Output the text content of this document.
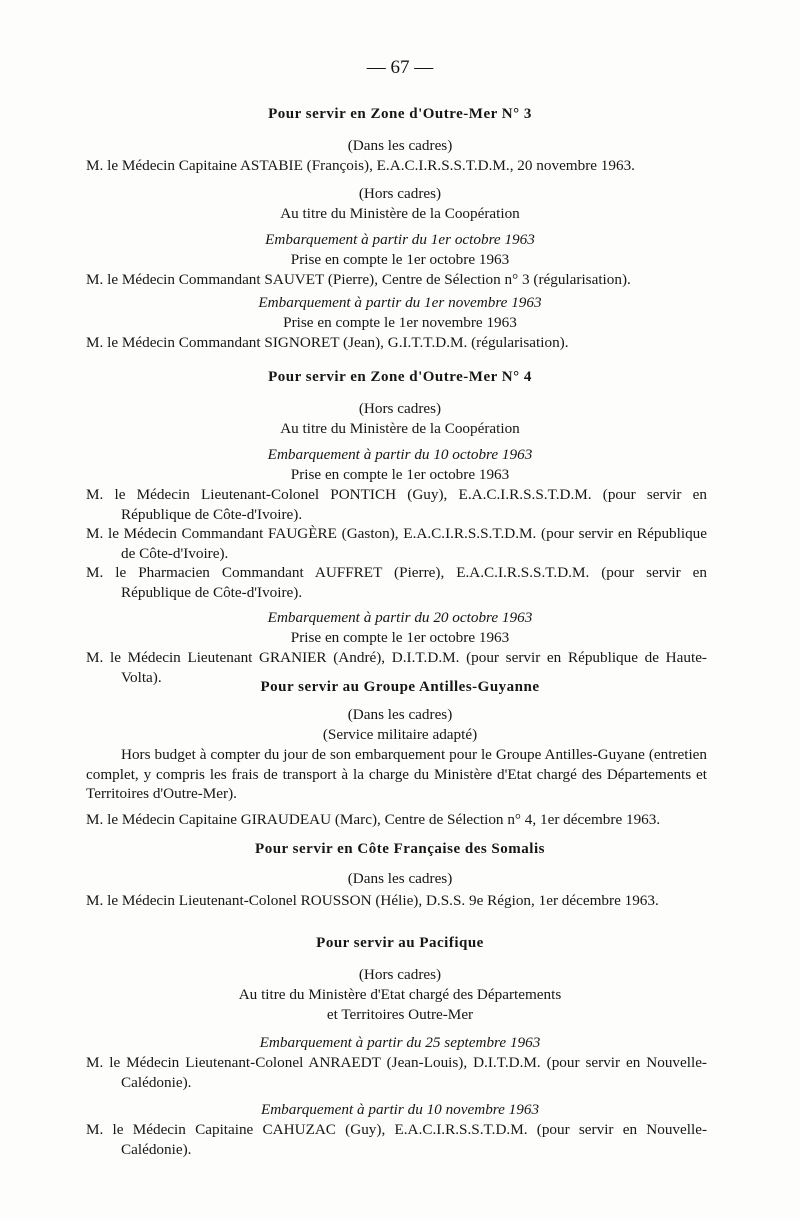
— 67 —
Pour servir en Zone d'Outre-Mer N° 3
(Dans les cadres)
M. le Médecin Capitaine ASTABIE (François), E.A.C.I.R.S.S.T.D.M., 20 novembre 1963.
(Hors cadres)
Au titre du Ministère de la Coopération
Embarquement à partir du 1er octobre 1963
Prise en compte le 1er octobre 1963
M. le Médecin Commandant SAUVET (Pierre), Centre de Sélection n° 3 (régularisation).
Embarquement à partir du 1er novembre 1963
Prise en compte le 1er novembre 1963
M. le Médecin Commandant SIGNORET (Jean), G.I.T.T.D.M. (régularisation).
Pour servir en Zone d'Outre-Mer N° 4
(Hors cadres)
Au titre du Ministère de la Coopération
Embarquement à partir du 10 octobre 1963
Prise en compte le 1er octobre 1963
M. le Médecin Lieutenant-Colonel PONTICH (Guy), E.A.C.I.R.S.S.T.D.M. (pour servir en République de Côte-d'Ivoire).
M. le Médecin Commandant FAUGÈRE (Gaston), E.A.C.I.R.S.S.T.D.M. (pour servir en République de Côte-d'Ivoire).
M. le Pharmacien Commandant AUFFRET (Pierre), E.A.C.I.R.S.S.T.D.M. (pour servir en République de Côte-d'Ivoire).
Embarquement à partir du 20 octobre 1963
Prise en compte le 1er octobre 1963
M. le Médecin Lieutenant GRANIER (André), D.I.T.D.M. (pour servir en République de Haute-Volta).
Pour servir au Groupe Antilles-Guyanne
(Dans les cadres)
(Service militaire adapté)
Hors budget à compter du jour de son embarquement pour le Groupe Antilles-Guyane (entretien complet, y compris les frais de transport à la charge du Ministère d'Etat chargé des Départements et Territoires d'Outre-Mer).
M. le Médecin Capitaine GIRAUDEAU (Marc), Centre de Sélection n° 4, 1er décembre 1963.
Pour servir en Côte Française des Somalis
(Dans les cadres)
M. le Médecin Lieutenant-Colonel ROUSSON (Hélie), D.S.S. 9e Région, 1er décembre 1963.
Pour servir au Pacifique
(Hors cadres)
Au titre du Ministère d'Etat chargé des Départements
et Territoires Outre-Mer
Embarquement à partir du 25 septembre 1963
M. le Médecin Lieutenant-Colonel ANRAEDT (Jean-Louis), D.I.T.D.M. (pour servir en Nouvelle-Calédonie).
Embarquement à partir du 10 novembre 1963
M. le Médecin Capitaine CAHUZAC (Guy), E.A.C.I.R.S.S.T.D.M. (pour servir en Nouvelle-Calédonie).
